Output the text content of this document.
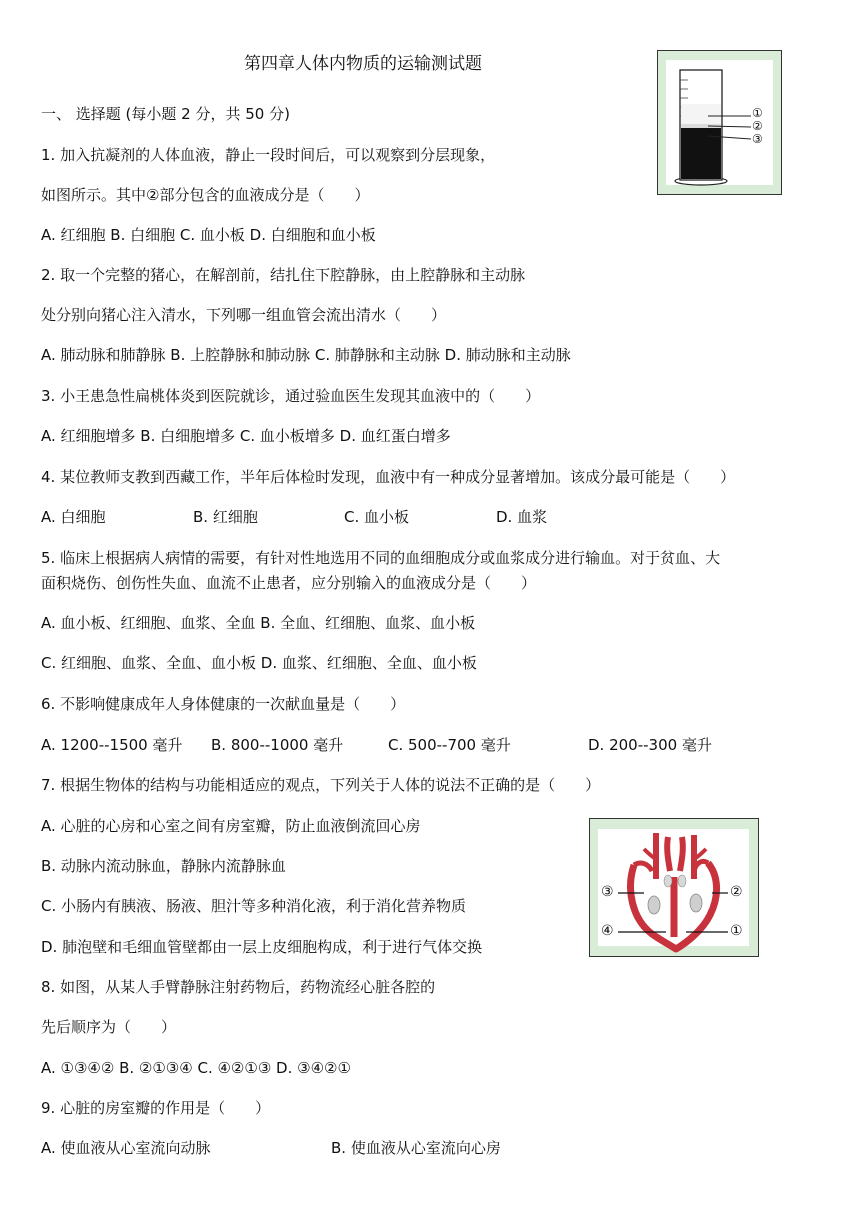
第四章人体内物质的运输测试题
一、 选择题 (每小题 2 分，共 50 分)
1. 加入抗凝剂的人体血液，静止一段时间后，可以观察到分层现象，
如图所示。其中②部分包含的血液成分是（　　）
A. 红细胞 B. 白细胞 C. 血小板 D. 白细胞和血小板
2. 取一个完整的猪心，在解剖前，结扎住下腔静脉，由上腔静脉和主动脉
处分别向猪心注入清水，下列哪一组血管会流出清水（　　）
A. 肺动脉和肺静脉 B. 上腔静脉和肺动脉 C. 肺静脉和主动脉 D. 肺动脉和主动脉
3. 小王患急性扁桃体炎到医院就诊，通过验血医生发现其血液中的（　　）
A. 红细胞增多 B. 白细胞增多 C. 血小板增多 D. 血红蛋白增多
4. 某位教师支教到西藏工作，半年后体检时发现，血液中有一种成分显著增加。该成分最可能是（　　）
A. 白细胞	B. 红细胞	C. 血小板	D. 血浆
5. 临床上根据病人病情的需要，有针对性地选用不同的血细胞成分或血浆成分进行输血。对于贫血、大
面积烧伤、创伤性失血、血流不止患者，应分别输入的血液成分是（　　）
A. 血小板、红细胞、血浆、全血 B. 全血、红细胞、血浆、血小板
C. 红细胞、血浆、全血、血小板 D. 血浆、红细胞、全血、血小板
6. 不影响健康成年人身体健康的一次献血量是（　　）
A. 1200--1500 毫升 B. 800--1000 毫升	C. 500--700 毫升	D. 200--300 毫升
7. 根据生物体的结构与功能相适应的观点，下列关于人体的说法不正确的是（　　）
A. 心脏的心房和心室之间有房室瓣，防止血液倒流回心房
B. 动脉内流动脉血，静脉内流静脉血
C. 小肠内有胰液、肠液、胆汁等多种消化液，利于消化营养物质
D. 肺泡壁和毛细血管壁都由一层上皮细胞构成，利于进行气体交换
8. 如图，从某人手臂静脉注射药物后，药物流经心脏各腔的
先后顺序为（　　）
A. ①③④② B. ②①③④ C. ④②①③ D. ③④②①
9. 心脏的房室瓣的作用是（　　）
A. 使血液从心室流向动脉	B. 使血液从心室流向心房
①
②
③
③	②
④	①
